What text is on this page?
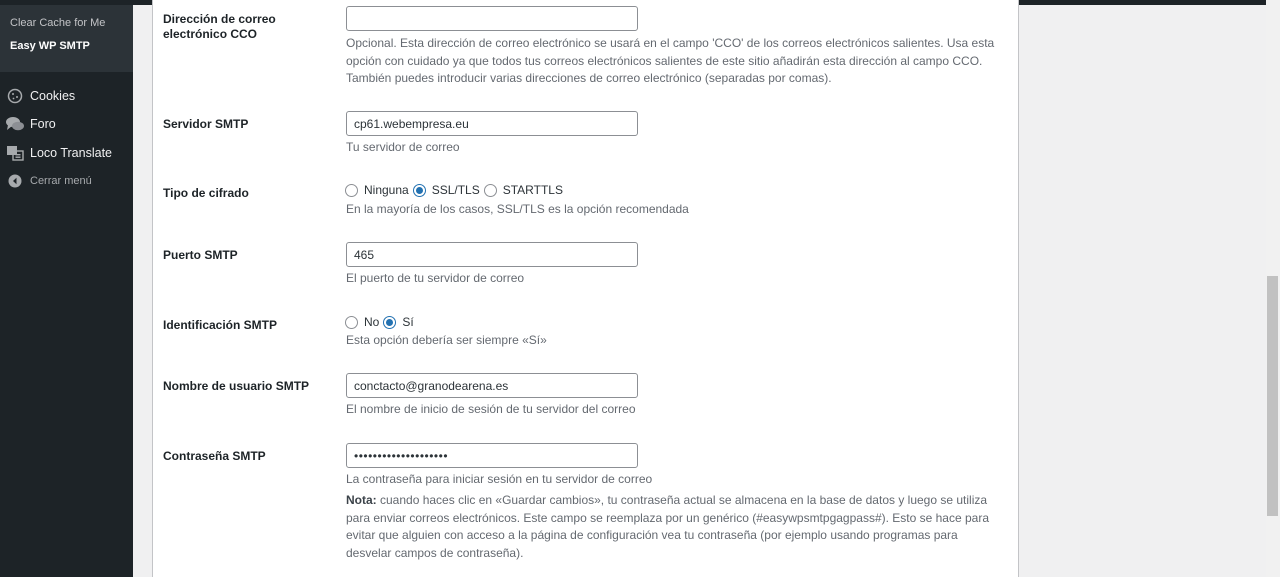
Clear Cache for Me
Easy WP SMTP
Cookies
Foro
Loco Translate
Cerrar menú
Dirección de correo electrónico CCO
Opcional. Esta dirección de correo electrónico se usará en el campo 'CCO' de los correos electrónicos salientes. Usa esta opción con cuidado ya que todos tus correos electrónicos salientes de este sitio añadirán esta dirección al campo CCO. También puedes introducir varias direcciones de correo electrónico (separadas por comas).
Servidor SMTP
cp61.webempresa.eu
Tu servidor de correo
Tipo de cifrado	Ninguna SSL/TLS STARTTLS
En la mayoría de los casos, SSL/TLS es la opción recomendada
Puerto SMTP
465
El puerto de tu servidor de correo
Identificación SMTP	No Sí
Esta opción debería ser siempre «Sí»
Nombre de usuario SMTP
conctacto@granodearena.es
El nombre de inicio de sesión de tu servidor del correo
Contraseña SMTP
••••••••••••••••••••
La contraseña para iniciar sesión en tu servidor de correo
Nota: cuando haces clic en «Guardar cambios», tu contraseña actual se almacena en la base de datos y luego se utiliza para enviar correos electrónicos. Este campo se reemplaza por un genérico (#easywpsmtpgagpass#). Esto se hace para evitar que alguien con acceso a la página de configuración vea tu contraseña (por ejemplo usando programas para desvelar campos de contraseña).
